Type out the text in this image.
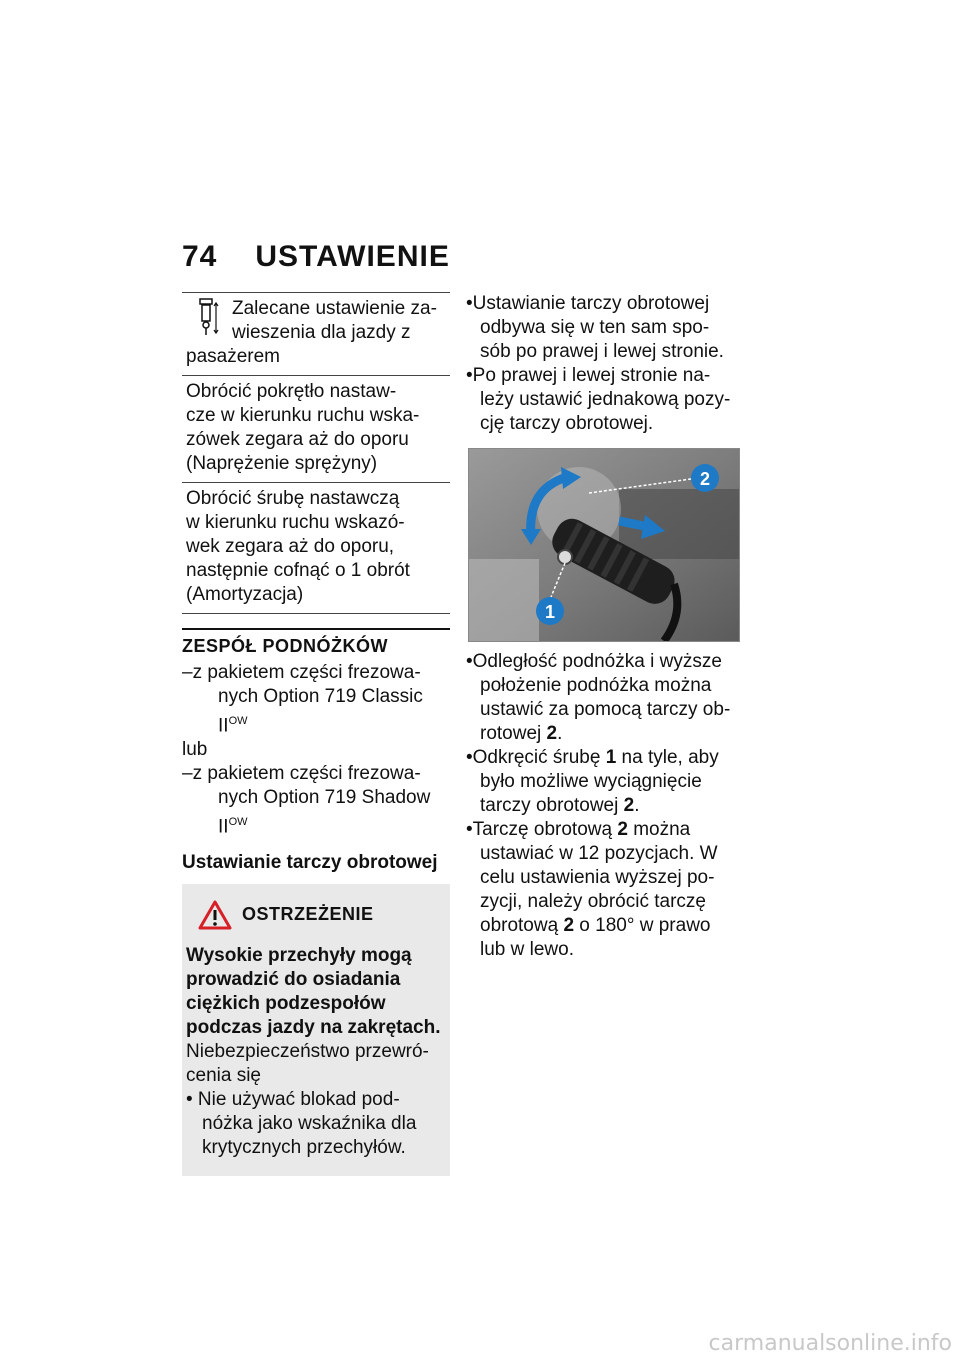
74 USTAWIENIE
Zalecane ustawienie za-
wieszenia dla jazdy z
pasażerem
Obrócić pokrętło nastaw-
cze w kierunku ruchu wska-
zówek zegara aż do oporu
(Naprężenie sprężyny)
Obrócić śrubę nastawczą
w kierunku ruchu wskazó-
wek zegara aż do oporu,
następnie cofnąć o 1 obrót
(Amortyzacja)
ZESPÓŁ PODNÓŻKÓW
–z pakietem części frezowa-
nych Option 719 Classic $II^{OW}$
lub
–z pakietem części frezowa-
nych Option 719 Shadow
$II^{OW}$
Ustawianie tarczy obrotowej
OSTRZEŻENIE
Wysokie przechyły mogą
prowadzić do osiadania
ciężkich podzespołów
podczas jazdy na zakrętach.
Niebezpieczeństwo przewró-
cenia się
• Nie używać blokad pod-
nóżka jako wskaźnika dla
krytycznych przechyłów.
•Ustawianie tarczy obrotowej
odbywa się w ten sam spo-
sób po prawej i lewej stronie.
•Po prawej i lewej stronie na-
leży ustawić jednakową pozy-
cję tarczy obrotowej.
1
2
•Odległość podnóżka i wyższe
położenie podnóżka można
ustawić za pomocą tarczy ob-
rotowej 2.
•Odkręcić śrubę 1 na tyle, aby
było możliwe wyciągnięcie
tarczy obrotowej 2.
•Tarczę obrotową 2 można
ustawiać w 12 pozycjach. W
celu ustawienia wyższej po-
zycji, należy obrócić tarczę
obrotową 2 o 180° w prawo
lub w lewo.
carmanualsonline.info
